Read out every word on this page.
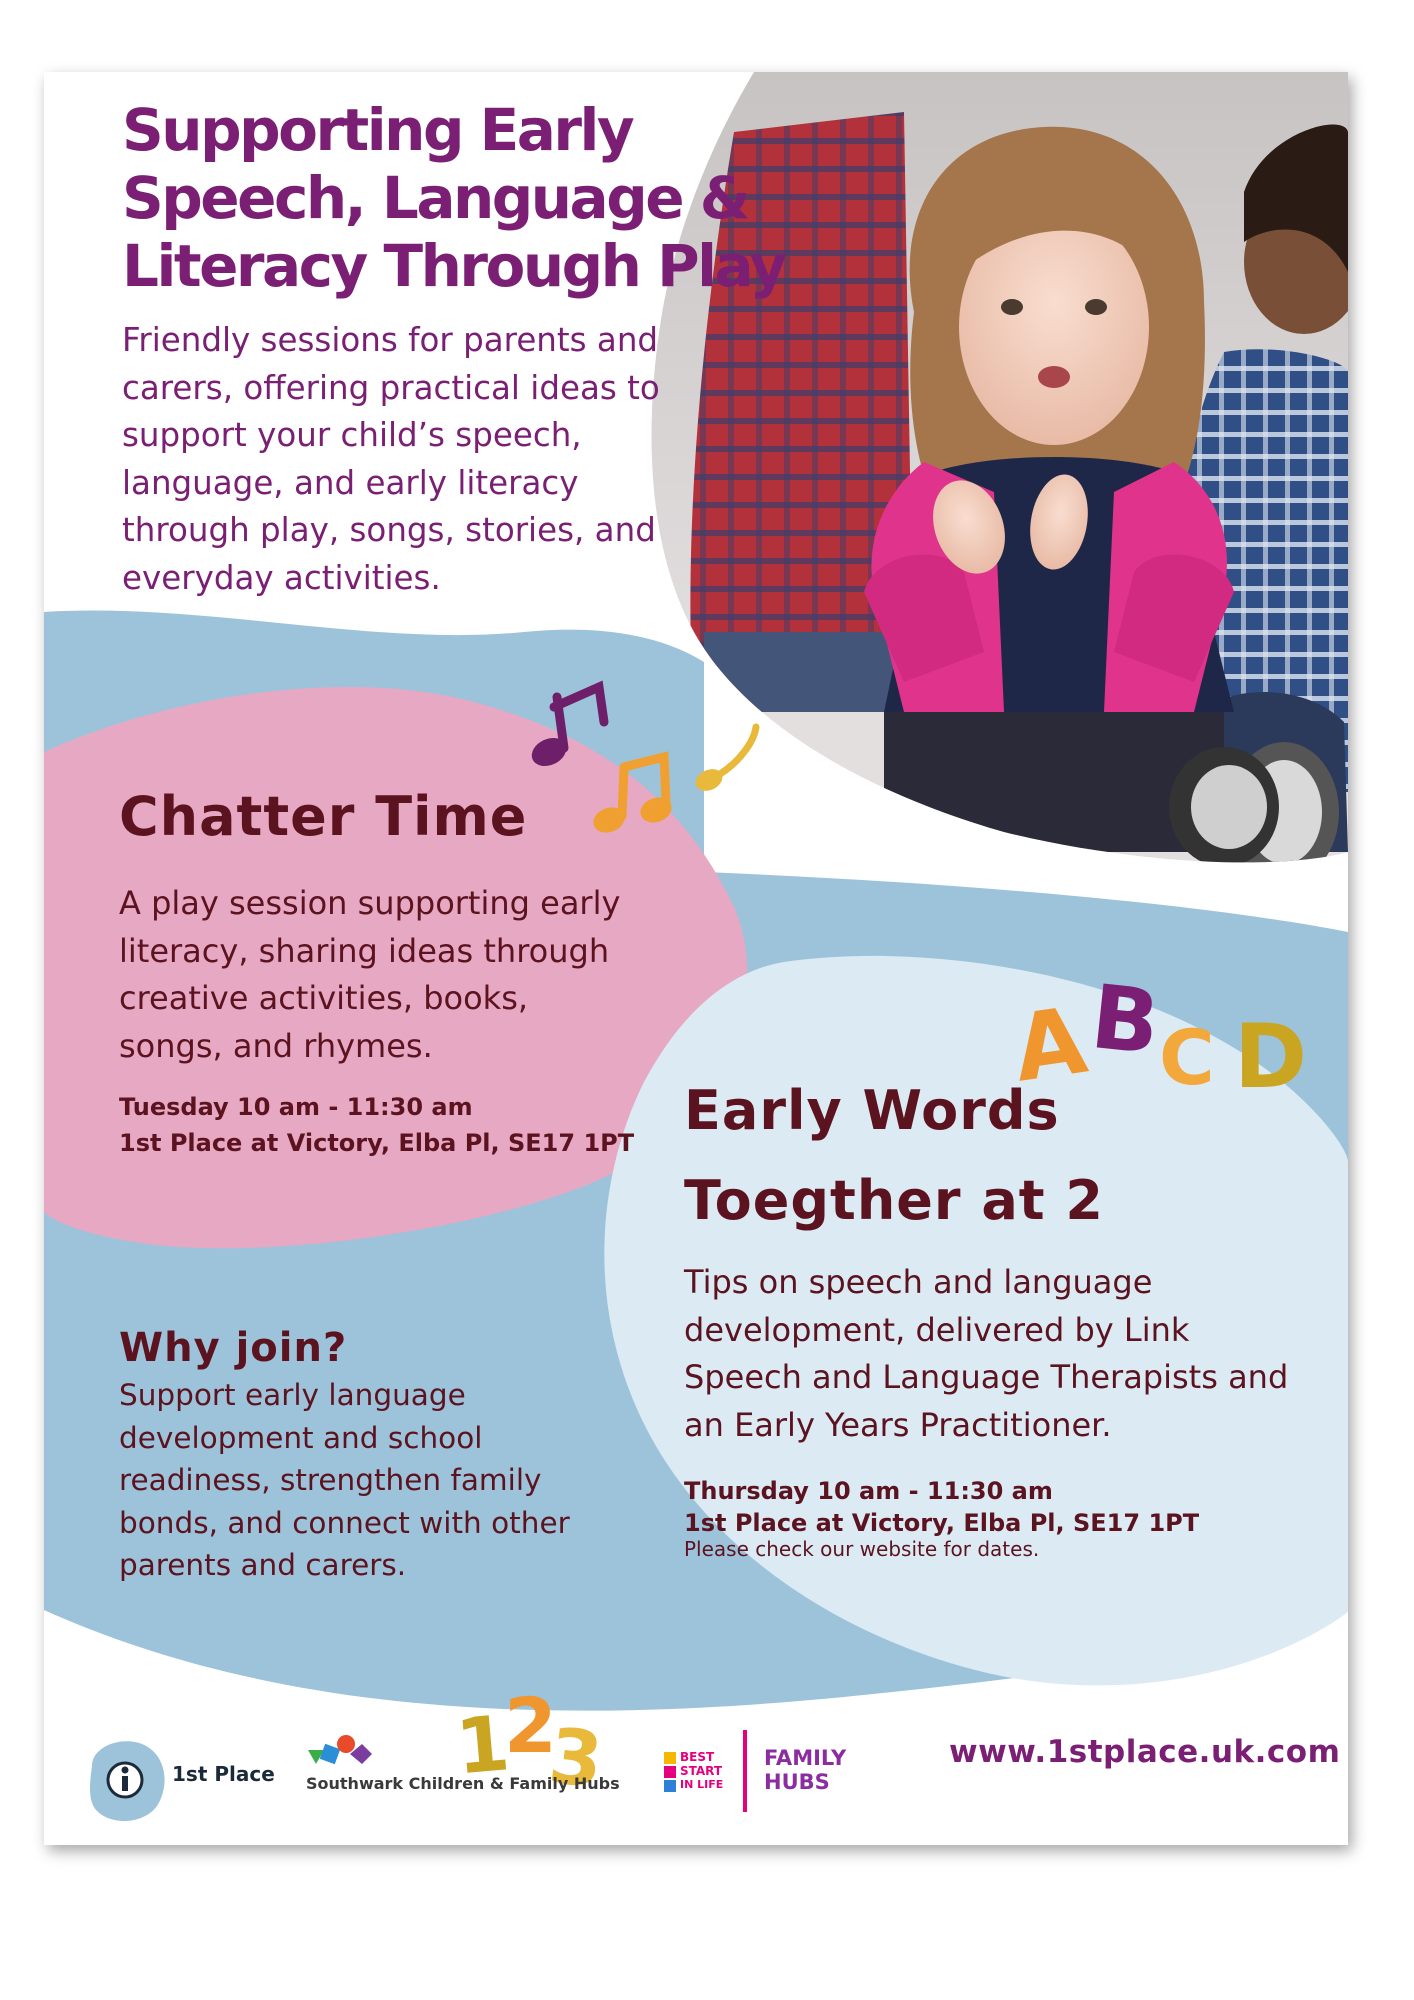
A
B
C D
1
2
3
Supporting Early Speech, Language & Literacy Through Play

Friendly sessions for parents and carers, offering practical ideas to support your child’s speech, language, and early literacy through play, songs, stories, and everyday activities.

Chatter Time

A play session supporting early literacy, sharing ideas through creative activities, books, songs, and rhymes.

Tuesday 10 am - 11:30 am
1st Place at Victory, Elba Pl, SE17 1PT
Early Words
Toegther at 2

Tips on speech and language development, delivered by Link Speech and Language Therapists and an Early Years Practitioner.

Thursday 10 am - 11:30 am
1st Place at Victory, Elba Pl, SE17 1PT

Please check our website for dates.

Why join?

Support early language development and school readiness, strengthen family bonds, and connect with other parents and carers.

1st Place Southwark Children & Family Hubs
BEST
START
IN LIFE
FAMILY
HUBS
www.1stplace.uk.com
